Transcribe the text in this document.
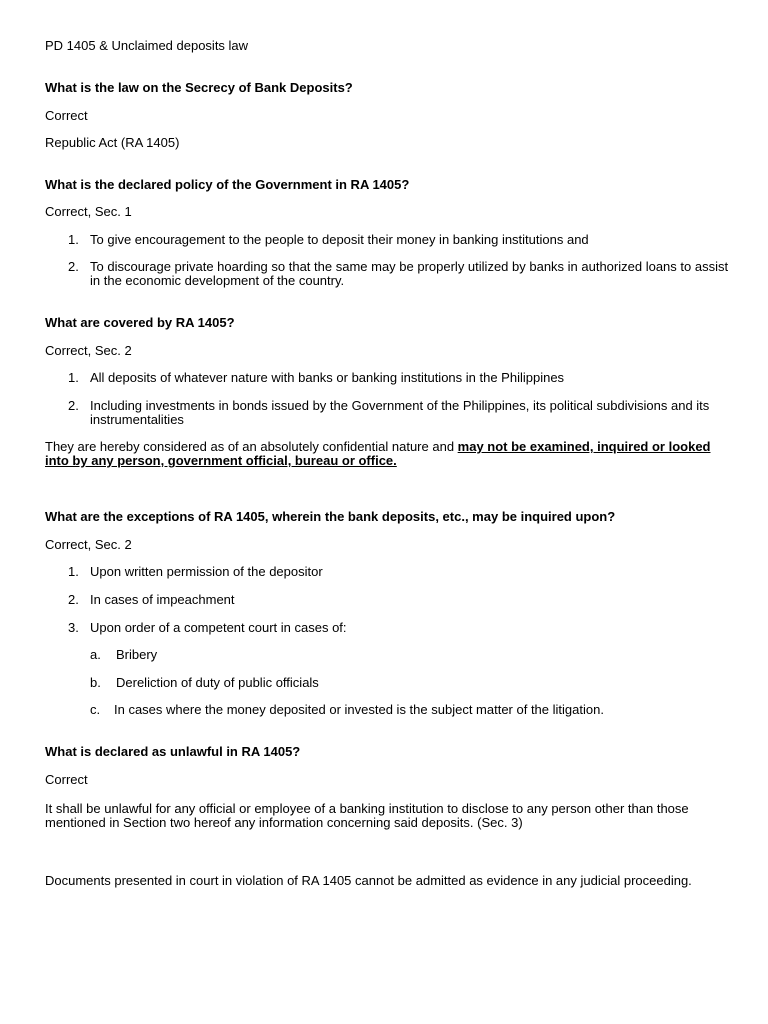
PD 1405 & Unclaimed deposits law

What is the law on the Secrecy of Bank Deposits?

Correct

Republic Act (RA 1405)

What is the declared policy of the Government in RA 1405?

Correct, Sec. 1

1. To give encouragement to the people to deposit their money in banking institutions and
2. To discourage private hoarding so that the same may be properly utilized by banks in authorized loans to assist in the economic development of the country.

What are covered by RA 1405?

Correct, Sec. 2

1. All deposits of whatever nature with banks or banking institutions in the Philippines
2. Including investments in bonds issued by the Government of the Philippines, its political subdivisions and its instrumentalities

They are hereby considered as of an absolutely confidential nature and may not be examined, inquired or looked into by any person, government official, bureau or office.

What are the exceptions of RA 1405, wherein the bank deposits, etc., may be inquired upon?

Correct, Sec. 2

1. Upon written permission of the depositor
2. In cases of impeachment
3. Upon order of a competent court in cases of:
a. Bribery
b. Dereliction of duty of public officials
c. In cases where the money deposited or invested is the subject matter of the litigation.

What is declared as unlawful in RA 1405?

Correct

It shall be unlawful for any official or employee of a banking institution to disclose to any person other than those mentioned in Section two hereof any information concerning said deposits. (Sec. 3)

Documents presented in court in violation of RA 1405 cannot be admitted as evidence in any judicial proceeding.
